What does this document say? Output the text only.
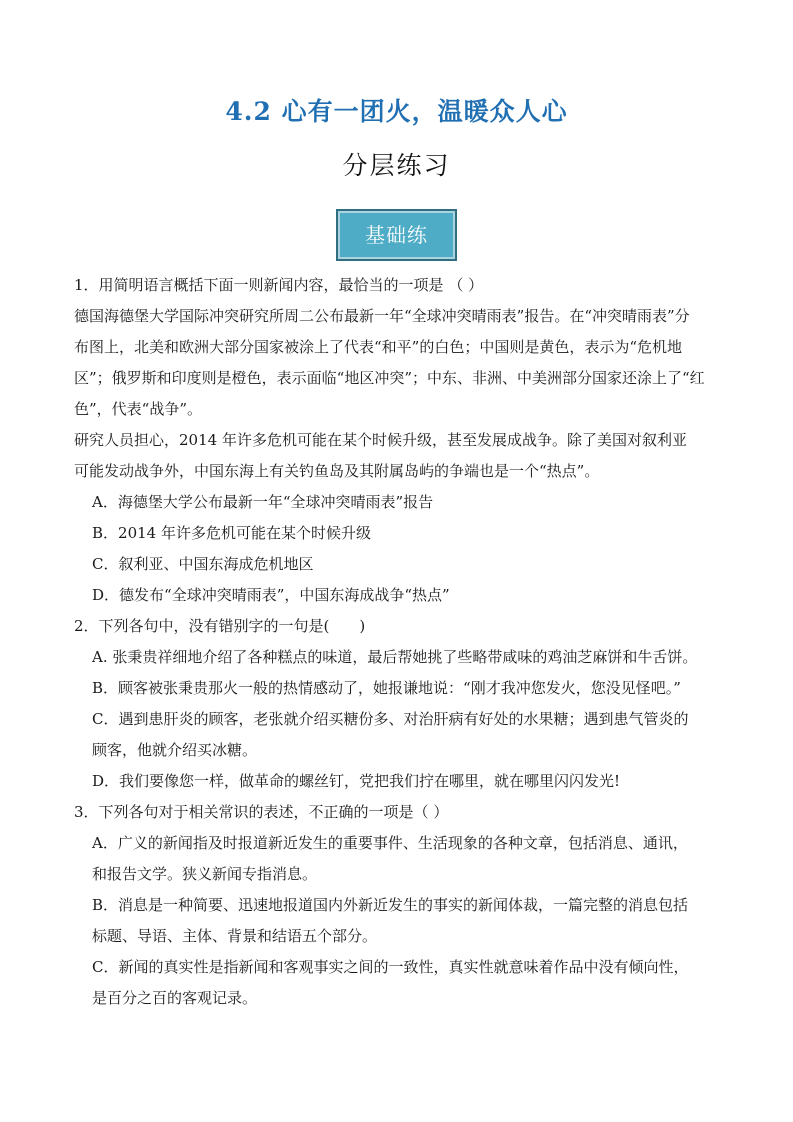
4.2 心有一团火，温暖众人心
分层练习
基础练
1．用简明语言概括下面一则新闻内容，最恰当的一项是 （ ）
德国海德堡大学国际冲突研究所周二公布最新一年“全球冲突晴雨表”报告。在“冲突晴雨表”分
布图上，北美和欧洲大部分国家被涂上了代表“和平”的白色；中国则是黄色，表示为“危机地
区”；俄罗斯和印度则是橙色，表示面临“地区冲突”；中东、非洲、中美洲部分国家还涂上了“红
色”，代表“战争”。
研究人员担心，2014 年许多危机可能在某个时候升级，甚至发展成战争。除了美国对叙利亚
可能发动战争外，中国东海上有关钓鱼岛及其附属岛屿的争端也是一个“热点”。
A．海德堡大学公布最新一年“全球冲突晴雨表”报告
B．2014 年许多危机可能在某个时候升级
C．叙利亚、中国东海成危机地区
D．德发布“全球冲突晴雨表”，中国东海成战争“热点”
2．下列各句中，没有错别字的一句是(　　)
A. 张秉贵祥细地介绍了各种糕点的味道，最后帮她挑了些略带咸味的鸡油芝麻饼和牛舌饼。
B．顾客被张秉贵那火一般的热情感动了，她报谦地说：“刚才我冲您发火，您没见怪吧。”
C．遇到患肝炎的顾客，老张就介绍买糖份多、对治肝病有好处的水果糖；遇到患气管炎的
顾客，他就介绍买冰糖。
D．我们要像您一样，做革命的螺丝钉，党把我们拧在哪里，就在哪里闪闪发光!
3．下列各句对于相关常识的表述，不正确的一项是（ ）
A．广义的新闻指及时报道新近发生的重要事件、生活现象的各种文章，包括消息、通讯，
和报告文学。狭义新闻专指消息。
B．消息是一种简要、迅速地报道国内外新近发生的事实的新闻体裁，一篇完整的消息包括
标题、导语、主体、背景和结语五个部分。
C．新闻的真实性是指新闻和客观事实之间的一致性，真实性就意味着作品中没有倾向性，
是百分之百的客观记录。
